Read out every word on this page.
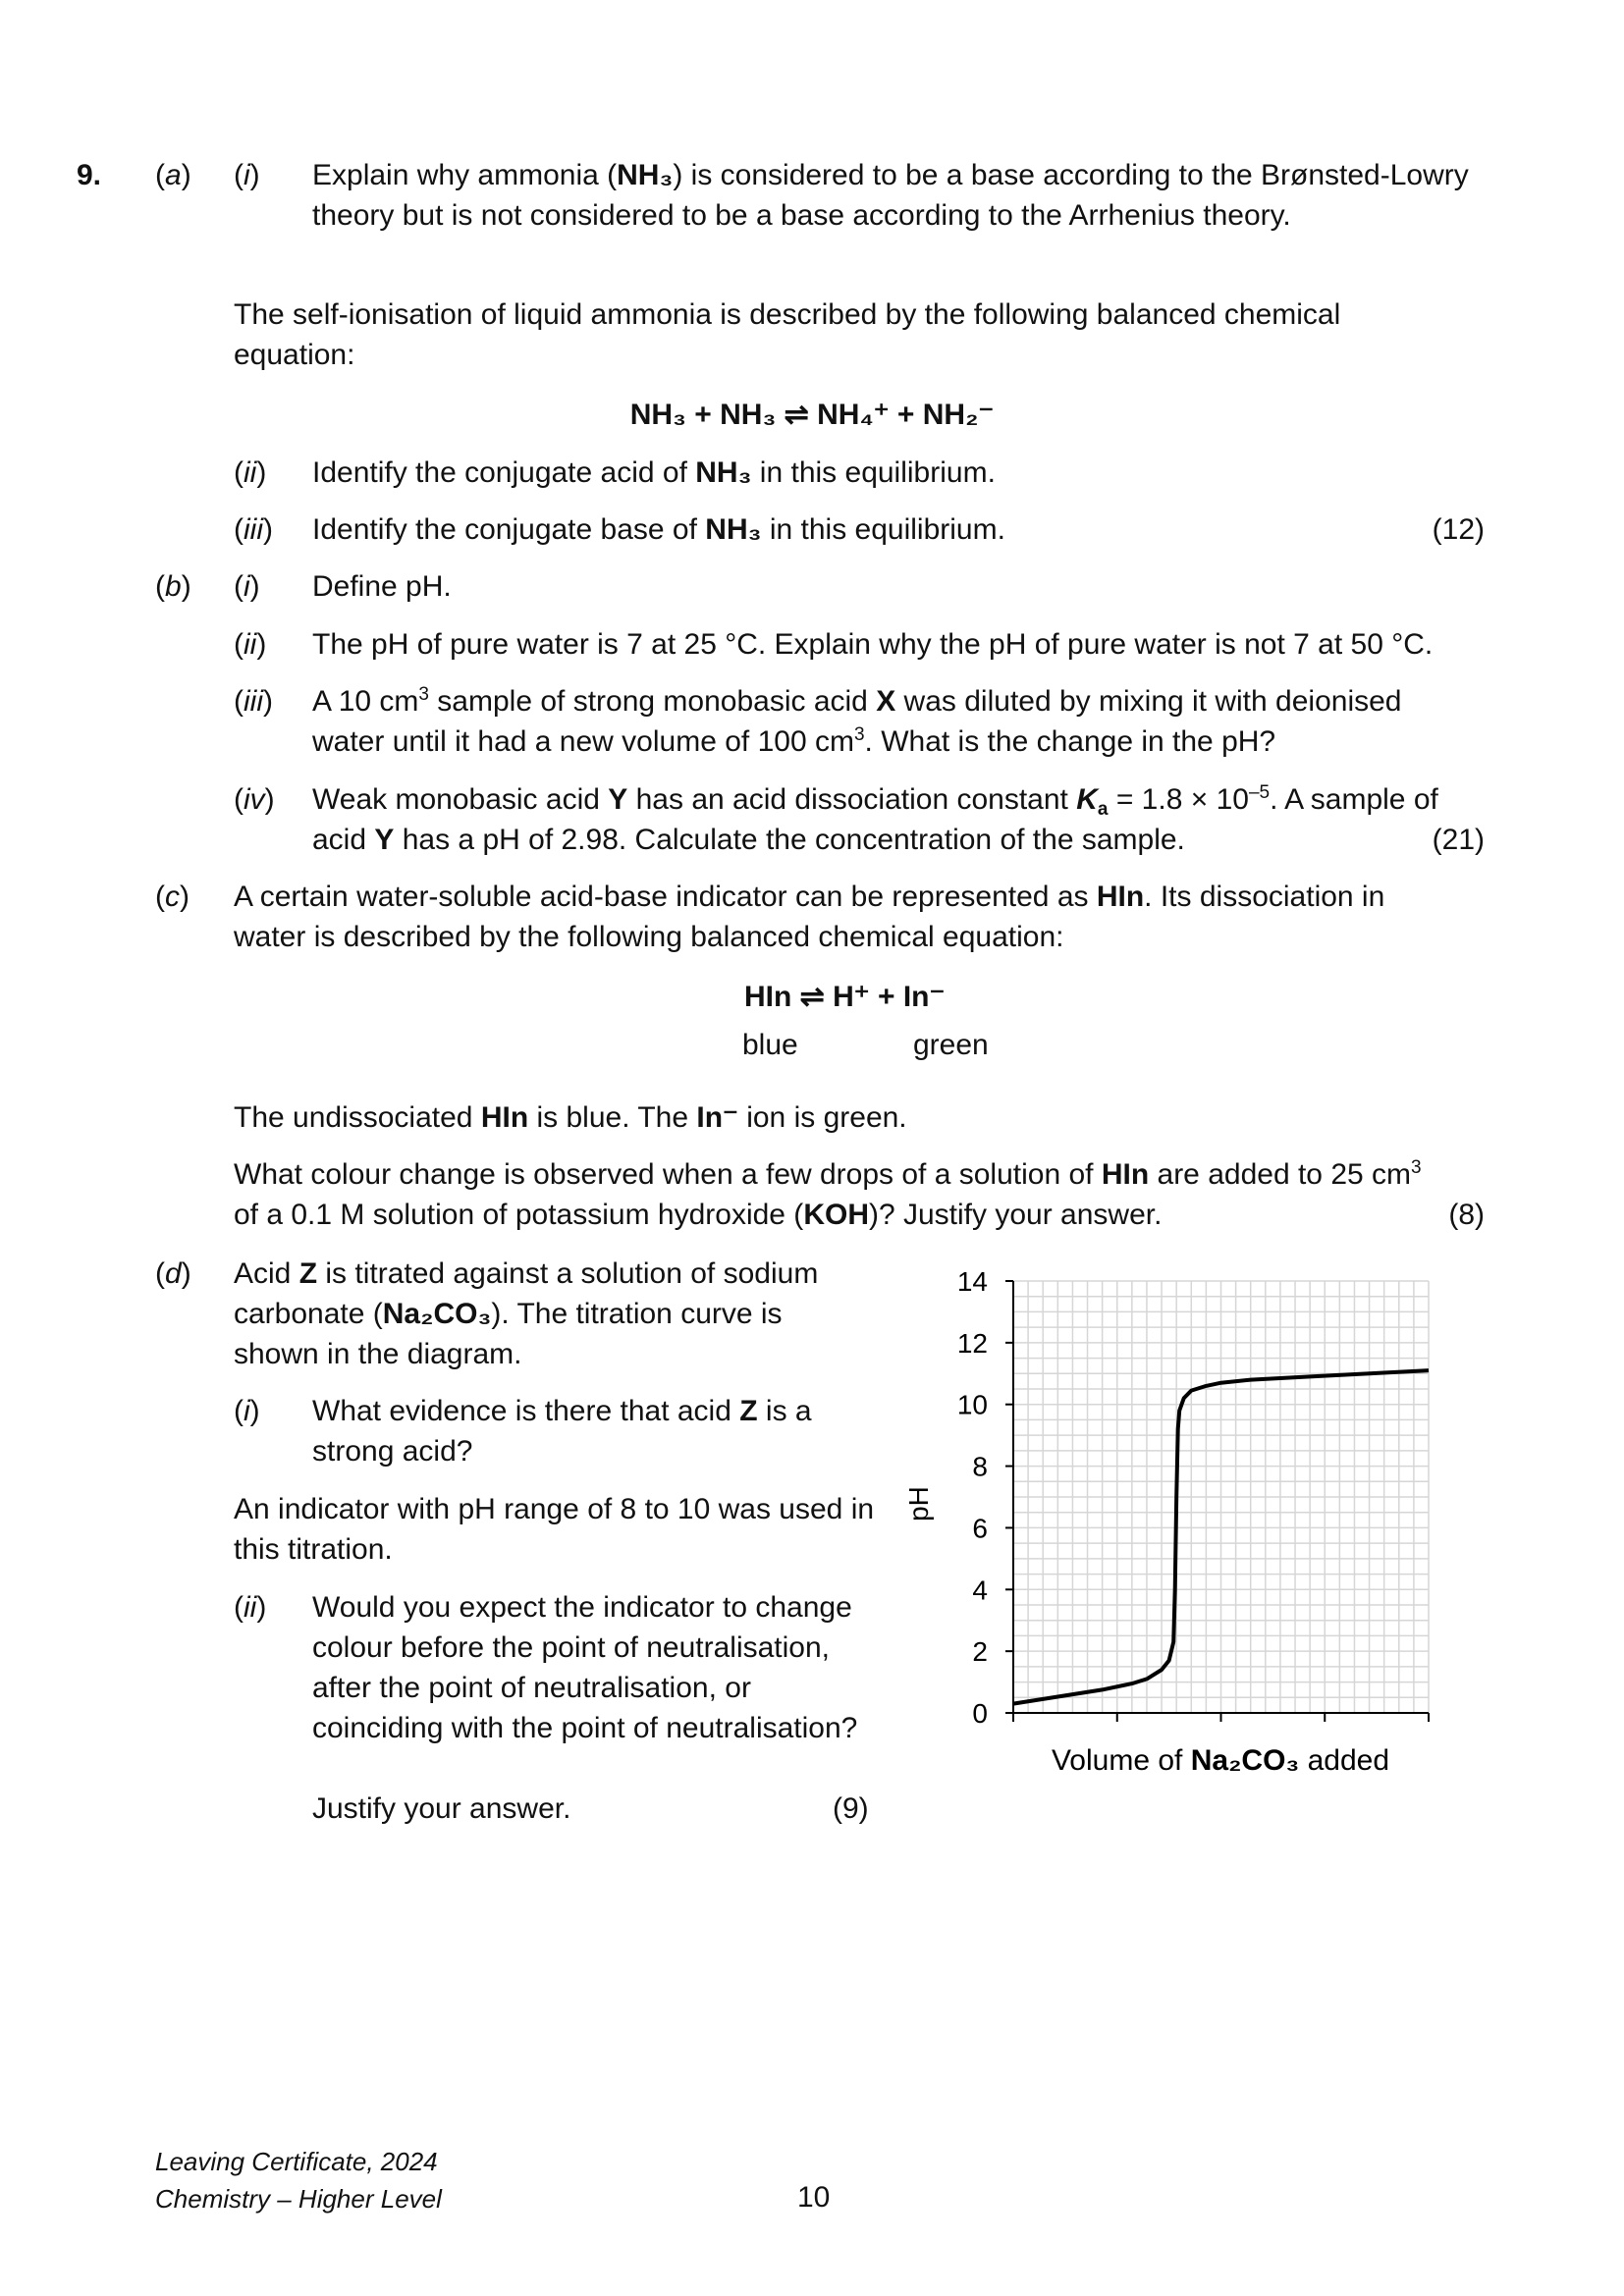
9. (a) (i) Explain why ammonia (NH₃) is considered to be a base according to the Brønsted-Lowry theory but is not considered to be a base according to the Arrhenius theory.
The self-ionisation of liquid ammonia is described by the following balanced chemical equation:
NH₃ + NH₃ ⇌ NH₄⁺ + NH₂⁻
(ii) Identify the conjugate acid of NH₃ in this equilibrium.
(iii) Identify the conjugate base of NH₃ in this equilibrium.	(12)
(b) (i) Define pH.
(ii) The pH of pure water is 7 at 25 °C. Explain why the pH of pure water is not 7 at 50 °C.
(iii) A 10 $cm^3$ sample of strong monobasic acid X was diluted by mixing it with deionised water until it had a new volume of 100 $cm^3$. What is the change in the pH?
(iv) Weak monobasic acid Y has an acid dissociation constant $K_a = 1.8 \times 10^{-5}$. A sample of acid Y has a pH of 2.98. Calculate the concentration of the sample.	(21)
(c) A certain water-soluble acid-base indicator can be represented as HIn. Its dissociation in water is described by the following balanced chemical equation:
HIn ⇌ H⁺ + In⁻
blue	green
The undissociated HIn is blue. The In⁻ ion is green.
What colour change is observed when a few drops of a solution of HIn are added to 25 $cm^3$ of a 0.1 M solution of potassium hydroxide (KOH)? Justify your answer.	(8)
(d) Acid Z is titrated against a solution of sodium carbonate (Na₂CO₃). The titration curve is shown in the diagram.
(i) What evidence is there that acid Z is a strong acid?
An indicator with pH range of 8 to 10 was used in this titration.
(ii) Would you expect the indicator to change colour before the point of neutralisation, after the point of neutralisation, or coinciding with the point of neutralisation?
Justify your answer.	(9)
0
2
4
6
8
10
12
14
pH
Volume of Na₂CO₃ added
Leaving Certificate, 2024
Chemistry – Higher Level	10
